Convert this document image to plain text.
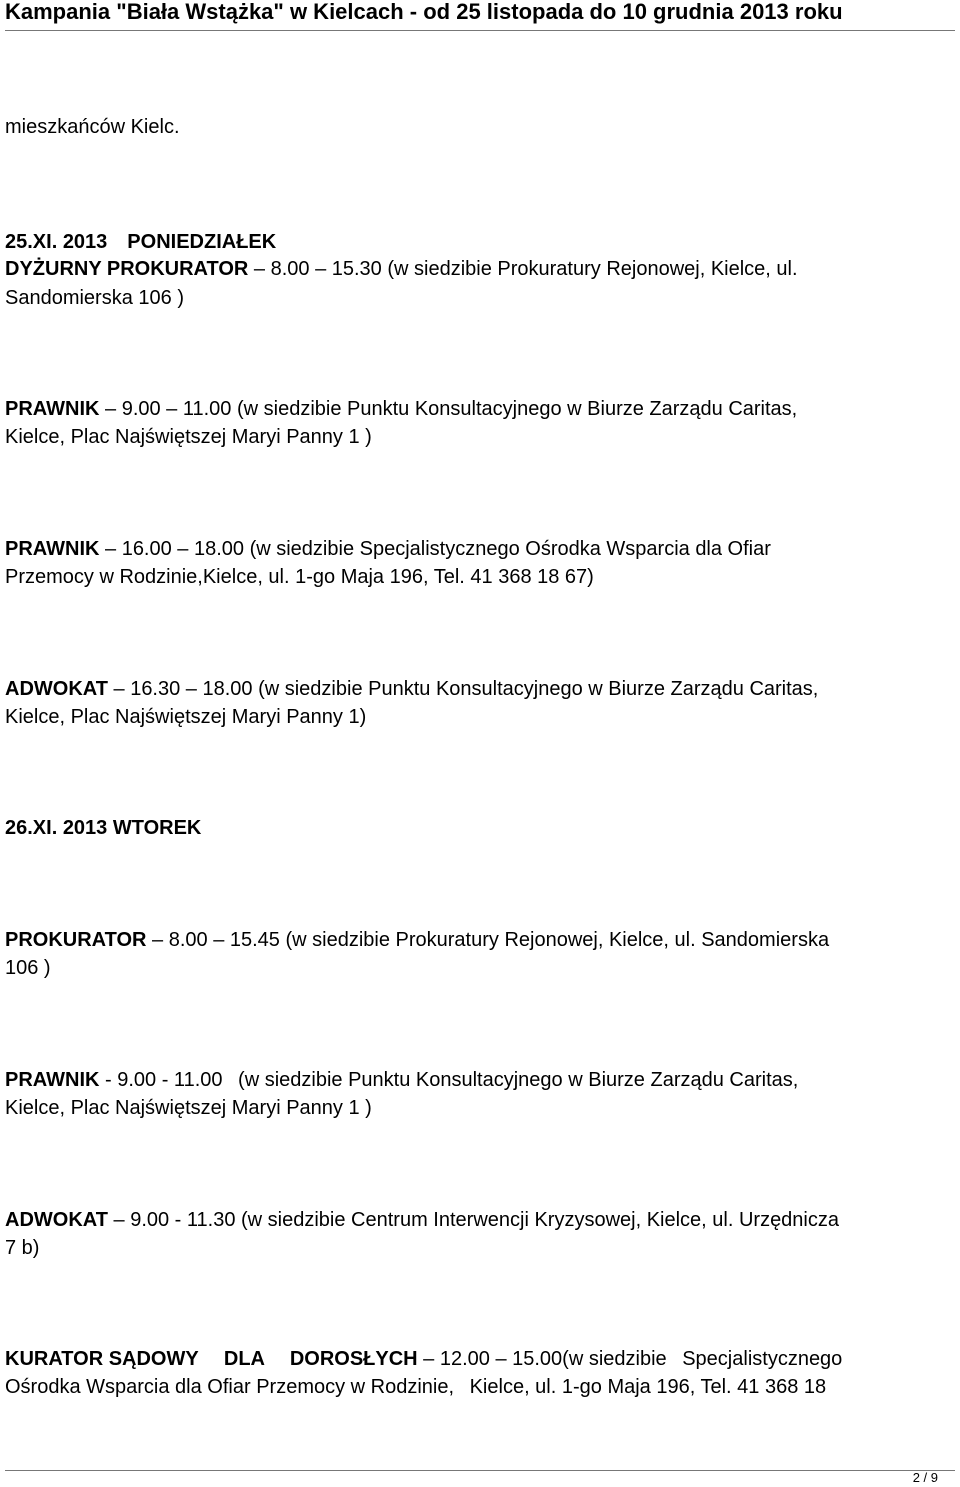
Kampania "Biała Wstążka" w Kielcach - od 25 listopada do 10 grudnia 2013 roku
mieszkańców Kielc.
25.XI. 2013 PONIEDZIAŁEK
DYŻURNY PROKURATOR – 8.00 – 15.30 (w siedzibie Prokuratury Rejonowej, Kielce, ul.
Sandomierska 106 )
PRAWNIK – 9.00 – 11.00 (w siedzibie Punktu Konsultacyjnego w Biurze Zarządu Caritas,
Kielce, Plac Najświętszej Maryi Panny 1 )
PRAWNIK – 16.00 – 18.00 (w siedzibie Specjalistycznego Ośrodka Wsparcia dla Ofiar
Przemocy w Rodzinie,Kielce, ul. 1-go Maja 196, Tel. 41 368 18 67)
ADWOKAT – 16.30 – 18.00 (w siedzibie Punktu Konsultacyjnego w Biurze Zarządu Caritas,
Kielce, Plac Najświętszej Maryi Panny 1)
26.XI. 2013 WTOREK
PROKURATOR – 8.00 – 15.45 (w siedzibie Prokuratury Rejonowej, Kielce, ul. Sandomierska
106 )
PRAWNIK - 9.00 - 11.00  (w siedzibie Punktu Konsultacyjnego w Biurze Zarządu Caritas,
Kielce, Plac Najświętszej Maryi Panny 1 )
ADWOKAT – 9.00 - 11.30 (w siedzibie Centrum Interwencji Kryzysowej, Kielce, ul. Urzędnicza
7 b)
KURATOR SĄDOWY  DLA  DOROSŁYCH – 12.00 – 15.00(w siedzibie  Specjalistycznego
Ośrodka Wsparcia dla Ofiar Przemocy w Rodzinie,  Kielce, ul. 1-go Maja 196, Tel. 41 368 18
2 / 9
